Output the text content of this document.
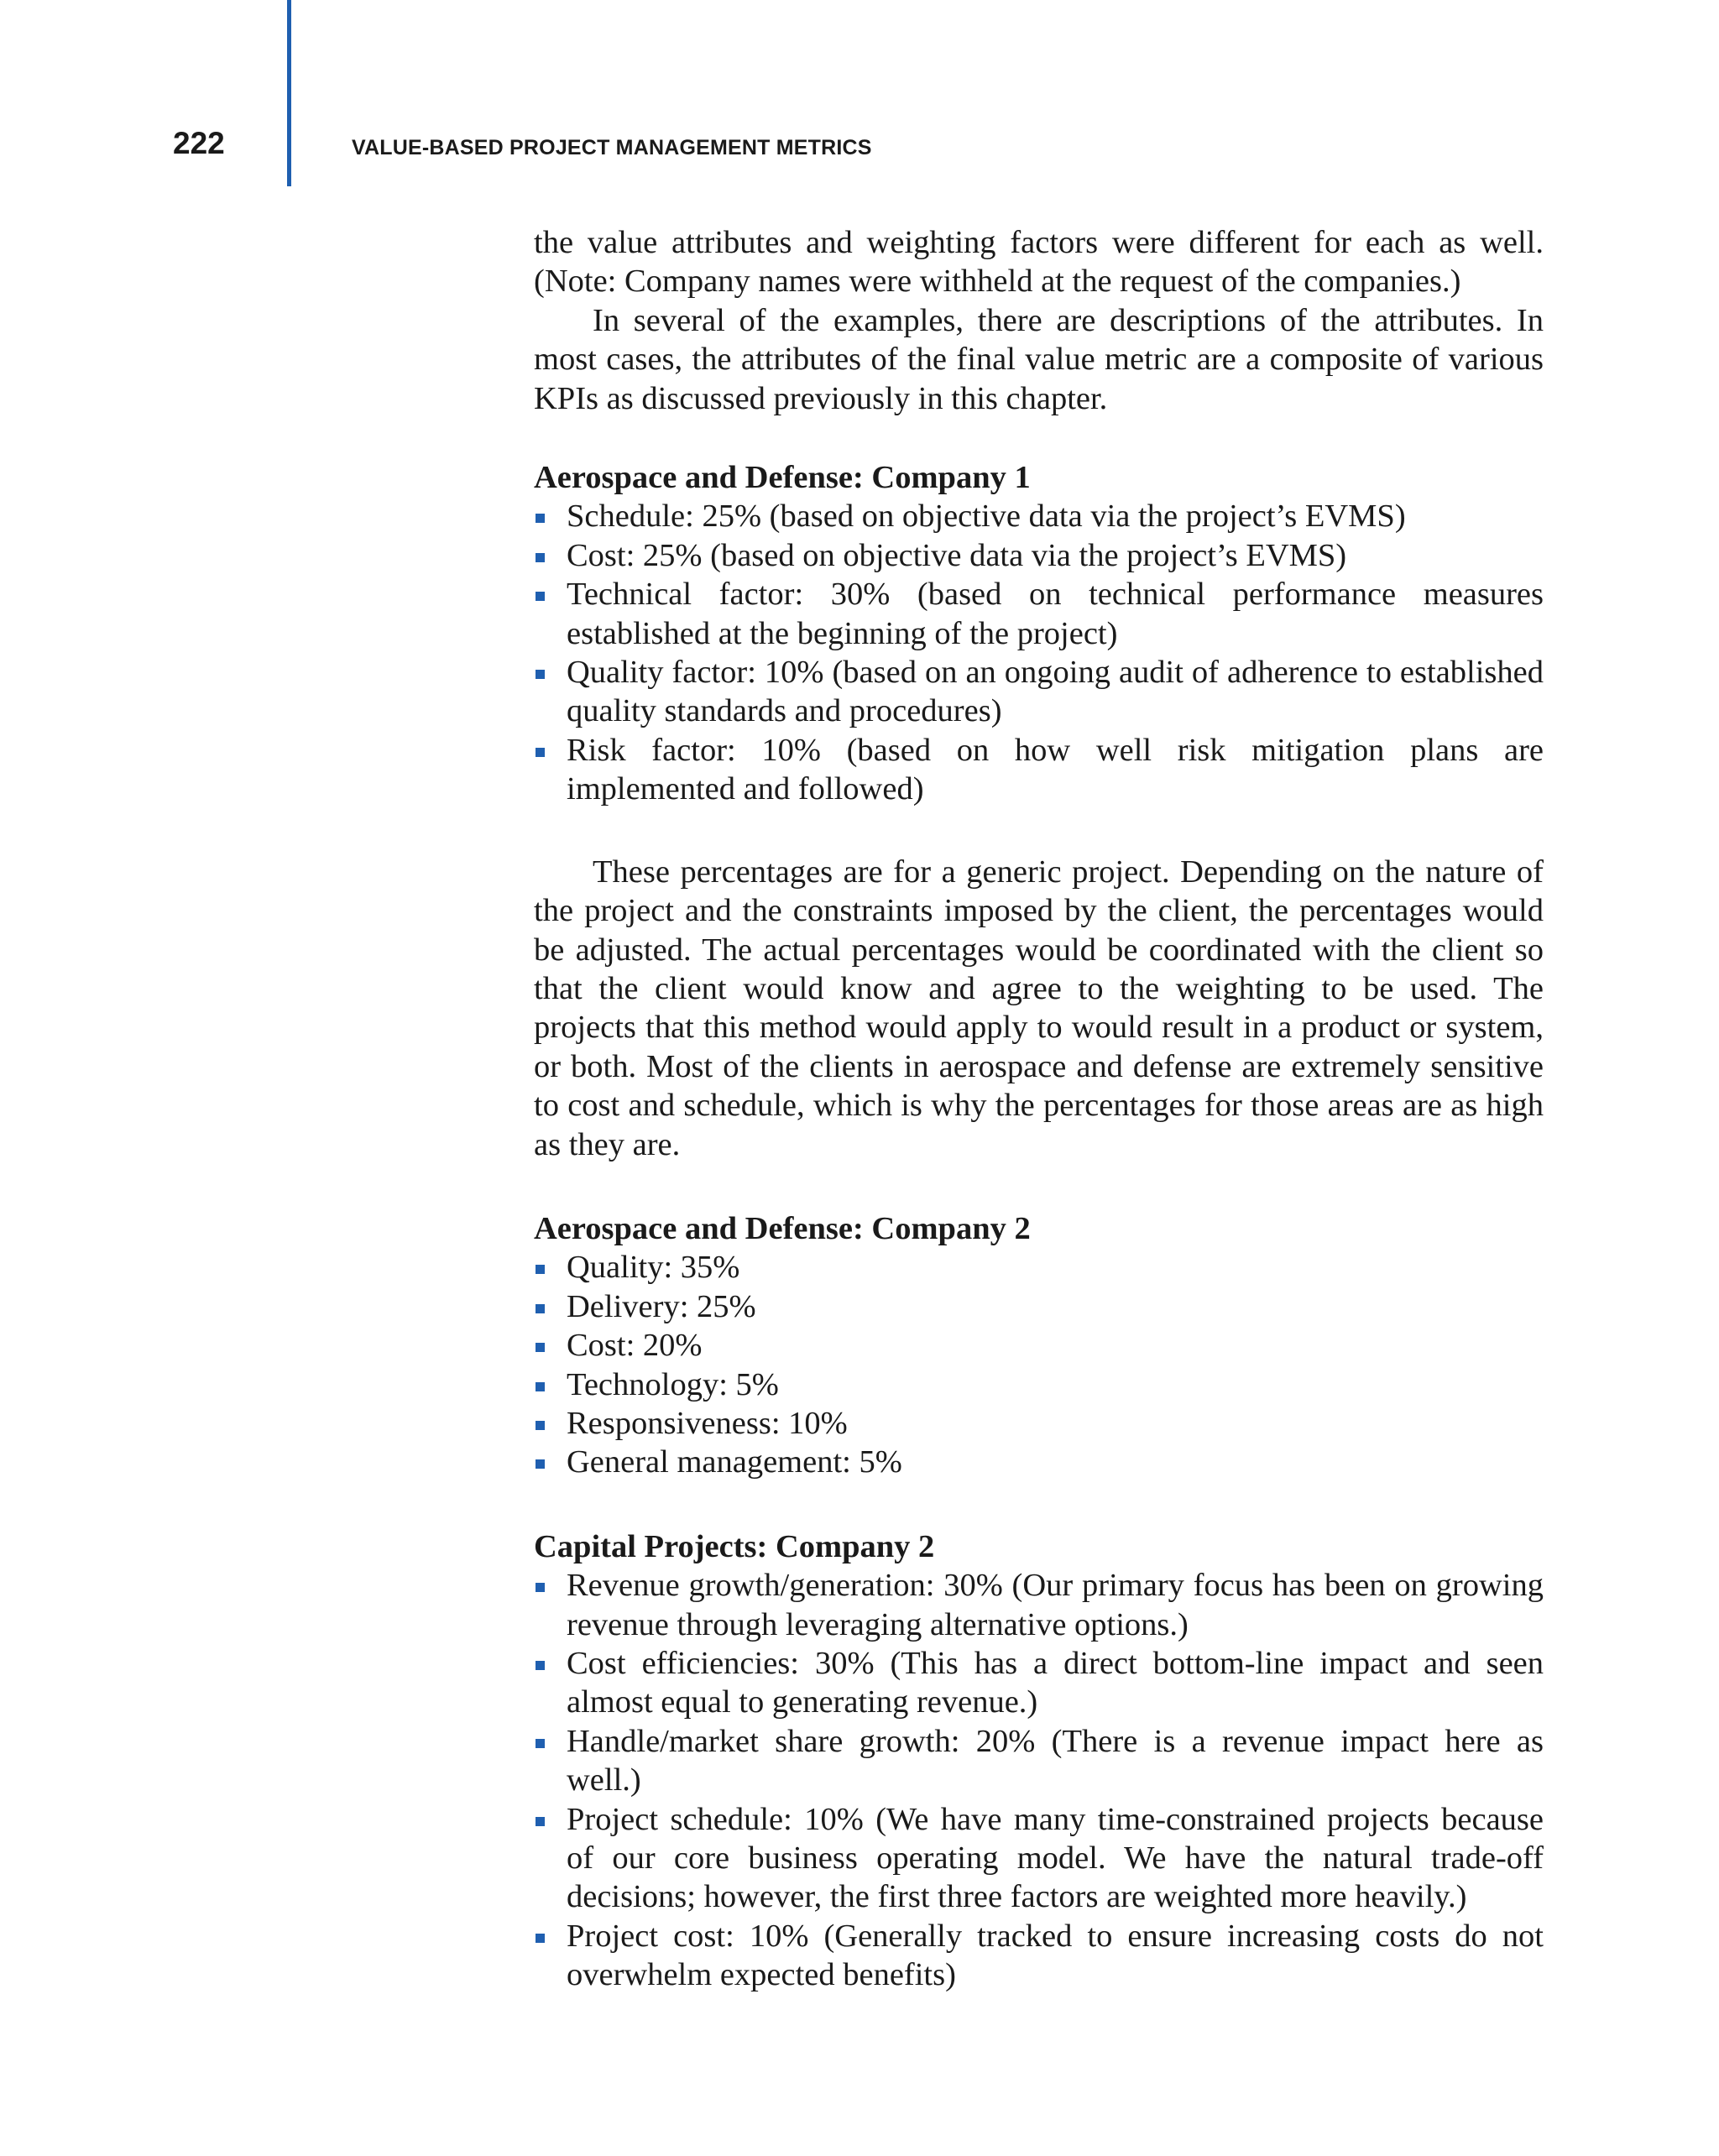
222	VALUE-BASED PROJECT MANAGEMENT METRICS

the value attributes and weighting factors were different for each as well. (Note: Company names were withheld at the request of the companies.)

In several of the examples, there are descriptions of the attributes. In most cases, the attributes of the final value metric are a composite of various KPIs as discussed previously in this chapter.

Aerospace and Defense: Company 1
Schedule: 25% (based on objective data via the project’s EVMS)
Cost: 25% (based on objective data via the project’s EVMS)
Technical factor: 30% (based on technical performance measures established at the beginning of the project)
Quality factor: 10% (based on an ongoing audit of adherence to established quality standards and procedures)
Risk factor: 10% (based on how well risk mitigation plans are implemented and followed)

These percentages are for a generic project. Depending on the nature of the project and the constraints imposed by the client, the percentages would be adjusted. The actual percentages would be coordinated with the client so that the client would know and agree to the weighting to be used. The projects that this method would apply to would result in a product or system, or both. Most of the clients in aerospace and defense are extremely sensitive to cost and schedule, which is why the percentages for those areas are as high as they are.

Aerospace and Defense: Company 2
Quality: 35%
Delivery: 25%
Cost: 20%
Technology: 5%
Responsiveness: 10%
General management: 5%
Capital Projects: Company 2
Revenue growth/generation: 30% (Our primary focus has been on growing revenue through leveraging alternative options.)
Cost efficiencies: 30% (This has a direct bottom-line impact and seen almost equal to generating revenue.)
Handle/market share growth: 20% (There is a revenue impact here as well.)
Project schedule: 10% (We have many time-constrained projects because of our core business operating model. We have the natural trade-off decisions; however, the first three factors are weighted more heavily.)
Project cost: 10% (Generally tracked to ensure increasing costs do not overwhelm expected benefits)
